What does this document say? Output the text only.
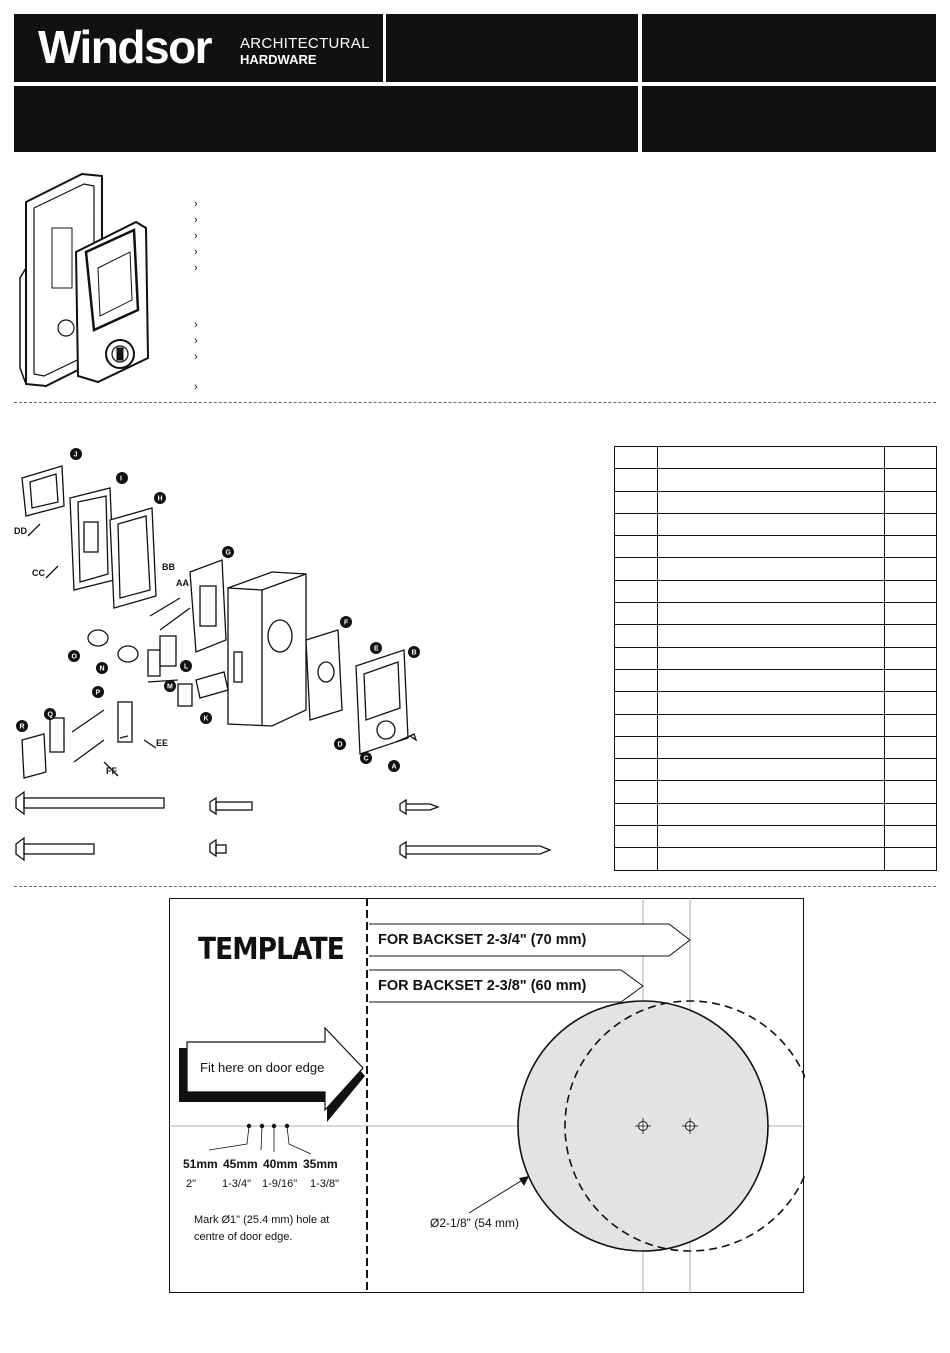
Windsor ARCHITECTURAL
HARDWARE
›
›
›
›
›
›
›
›
›
J
I
H
G
F
E
B
A
C
D
K
L
M
N
O
P
Q
R
DD
CC
BB
AA
EE
FF

TEMPLATE FOR BACKSET 2-3/4" (70 mm)
FOR BACKSET 2-3/8" (60 mm)
Fit here on door edge
51mm 45mm 40mm 35mm
2" 1-3/4" 1-9/16" 1-3/8"
Mark Ø1" (25.4 mm) hole at
centre of door edge.
Ø2-1/8" (54 mm)
